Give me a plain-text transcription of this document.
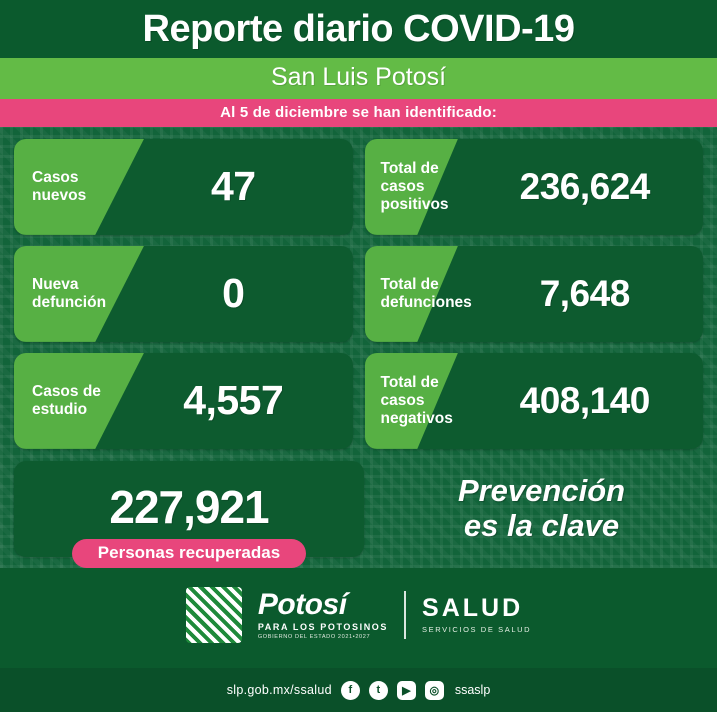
Reporte diario COVID-19
San Luis Potosí
Al 5 de diciembre se han identificado:
Casos nuevos	47	Total de casos positivos	236,624
Nueva defunción	0	Total de defunciones	7,648
Casos de estudio	4,557	Total de casos negativos	408,140
227,921
Personas recuperadas
Prevención
es la clave
Potosí
PARA LOS POTOSINOS
GOBIERNO DEL ESTADO 2021•2027
SALUD
SERVICIOS DE SALUD
slp.gob.mx/ssalud	f	t	▶	◎	ssaslp
